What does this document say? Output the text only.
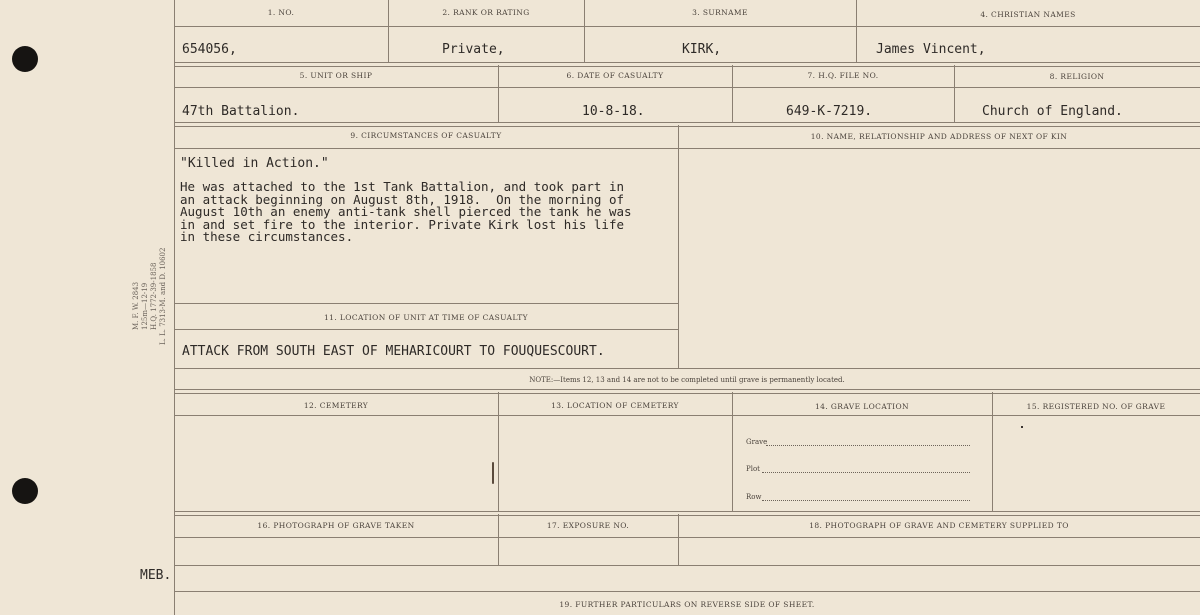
M. F. W. 2843 125m—12-19 H.Q. 1772-39-1858 L. L. 7313-M. and D. 10602
1. NO.	2. RANK OR RATING	3. SURNAME	4. CHRISTIAN NAMES
654056,	Private,	KIRK,	James Vincent,
5. UNIT OR SHIP	6. DATE OF CASUALTY	7. H.Q. FILE NO.	8. RELIGION
47th Battalion.	10-8-18.	649-K-7219.	Church of England.
9. CIRCUMSTANCES OF CASUALTY	10. NAME, RELATIONSHIP AND ADDRESS OF NEXT OF KIN
"Killed in Action."
He was attached to the 1st Tank Battalion, and took part in
an attack beginning on August 8th, 1918.  On the morning of
August 10th an enemy anti-tank shell pierced the tank he was
in and set fire to the interior. Private Kirk lost his life
in these circumstances.
11. LOCATION OF UNIT AT TIME OF CASUALTY
ATTACK FROM SOUTH EAST OF MEHARICOURT TO FOUQUESCOURT.
NOTE:—Items 12, 13 and 14 are not to be completed until grave is permanently located.
12. CEMETERY	13. LOCATION OF CEMETERY	14. GRAVE LOCATION	15. REGISTERED NO. OF GRAVE
Grave
Plot
Row
16. PHOTOGRAPH OF GRAVE TAKEN	17. EXPOSURE NO.	18. PHOTOGRAPH OF GRAVE AND CEMETERY SUPPLIED TO
19. FURTHER PARTICULARS ON REVERSE SIDE OF SHEET.
MEB.
